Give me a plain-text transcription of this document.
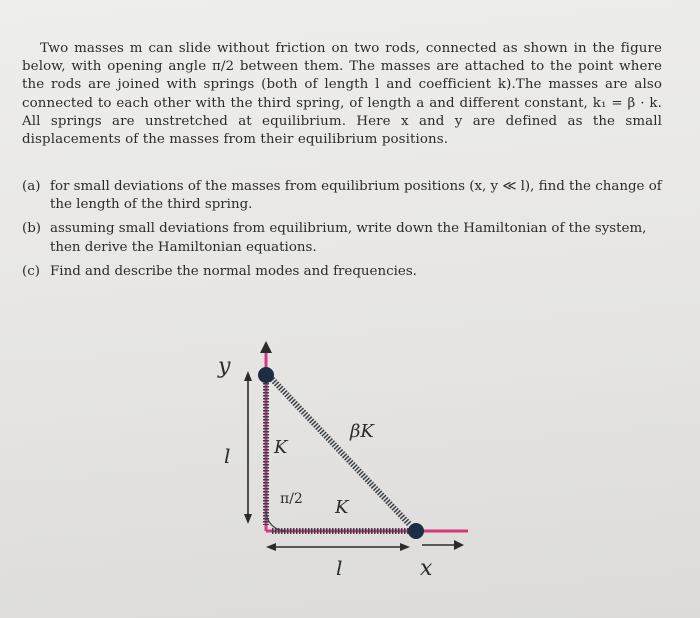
Two masses m can slide without friction on two rods, connected as shown in the figure below, with opening angle π/2 between them. The masses are attached to the point where the rods are joined with springs (both of length l and coefficient k).The masses are also connected to each other with the third spring, of length a and different constant, k₁ = β · k. All springs are unstretched at equilibrium. Here x and y are defined as the small displacements of the masses from their equilibrium positions.
(a) for small deviations of the masses from equilibrium positions (x, y ≪ l), find the change of the length of the third spring.
(b) assuming small deviations from equilibrium, write down the Hamiltonian of the system, then derive the Hamiltonian equations.
(c) Find and describe the normal modes and frequencies.
y
x
l
l
K
K
βK
π/2
